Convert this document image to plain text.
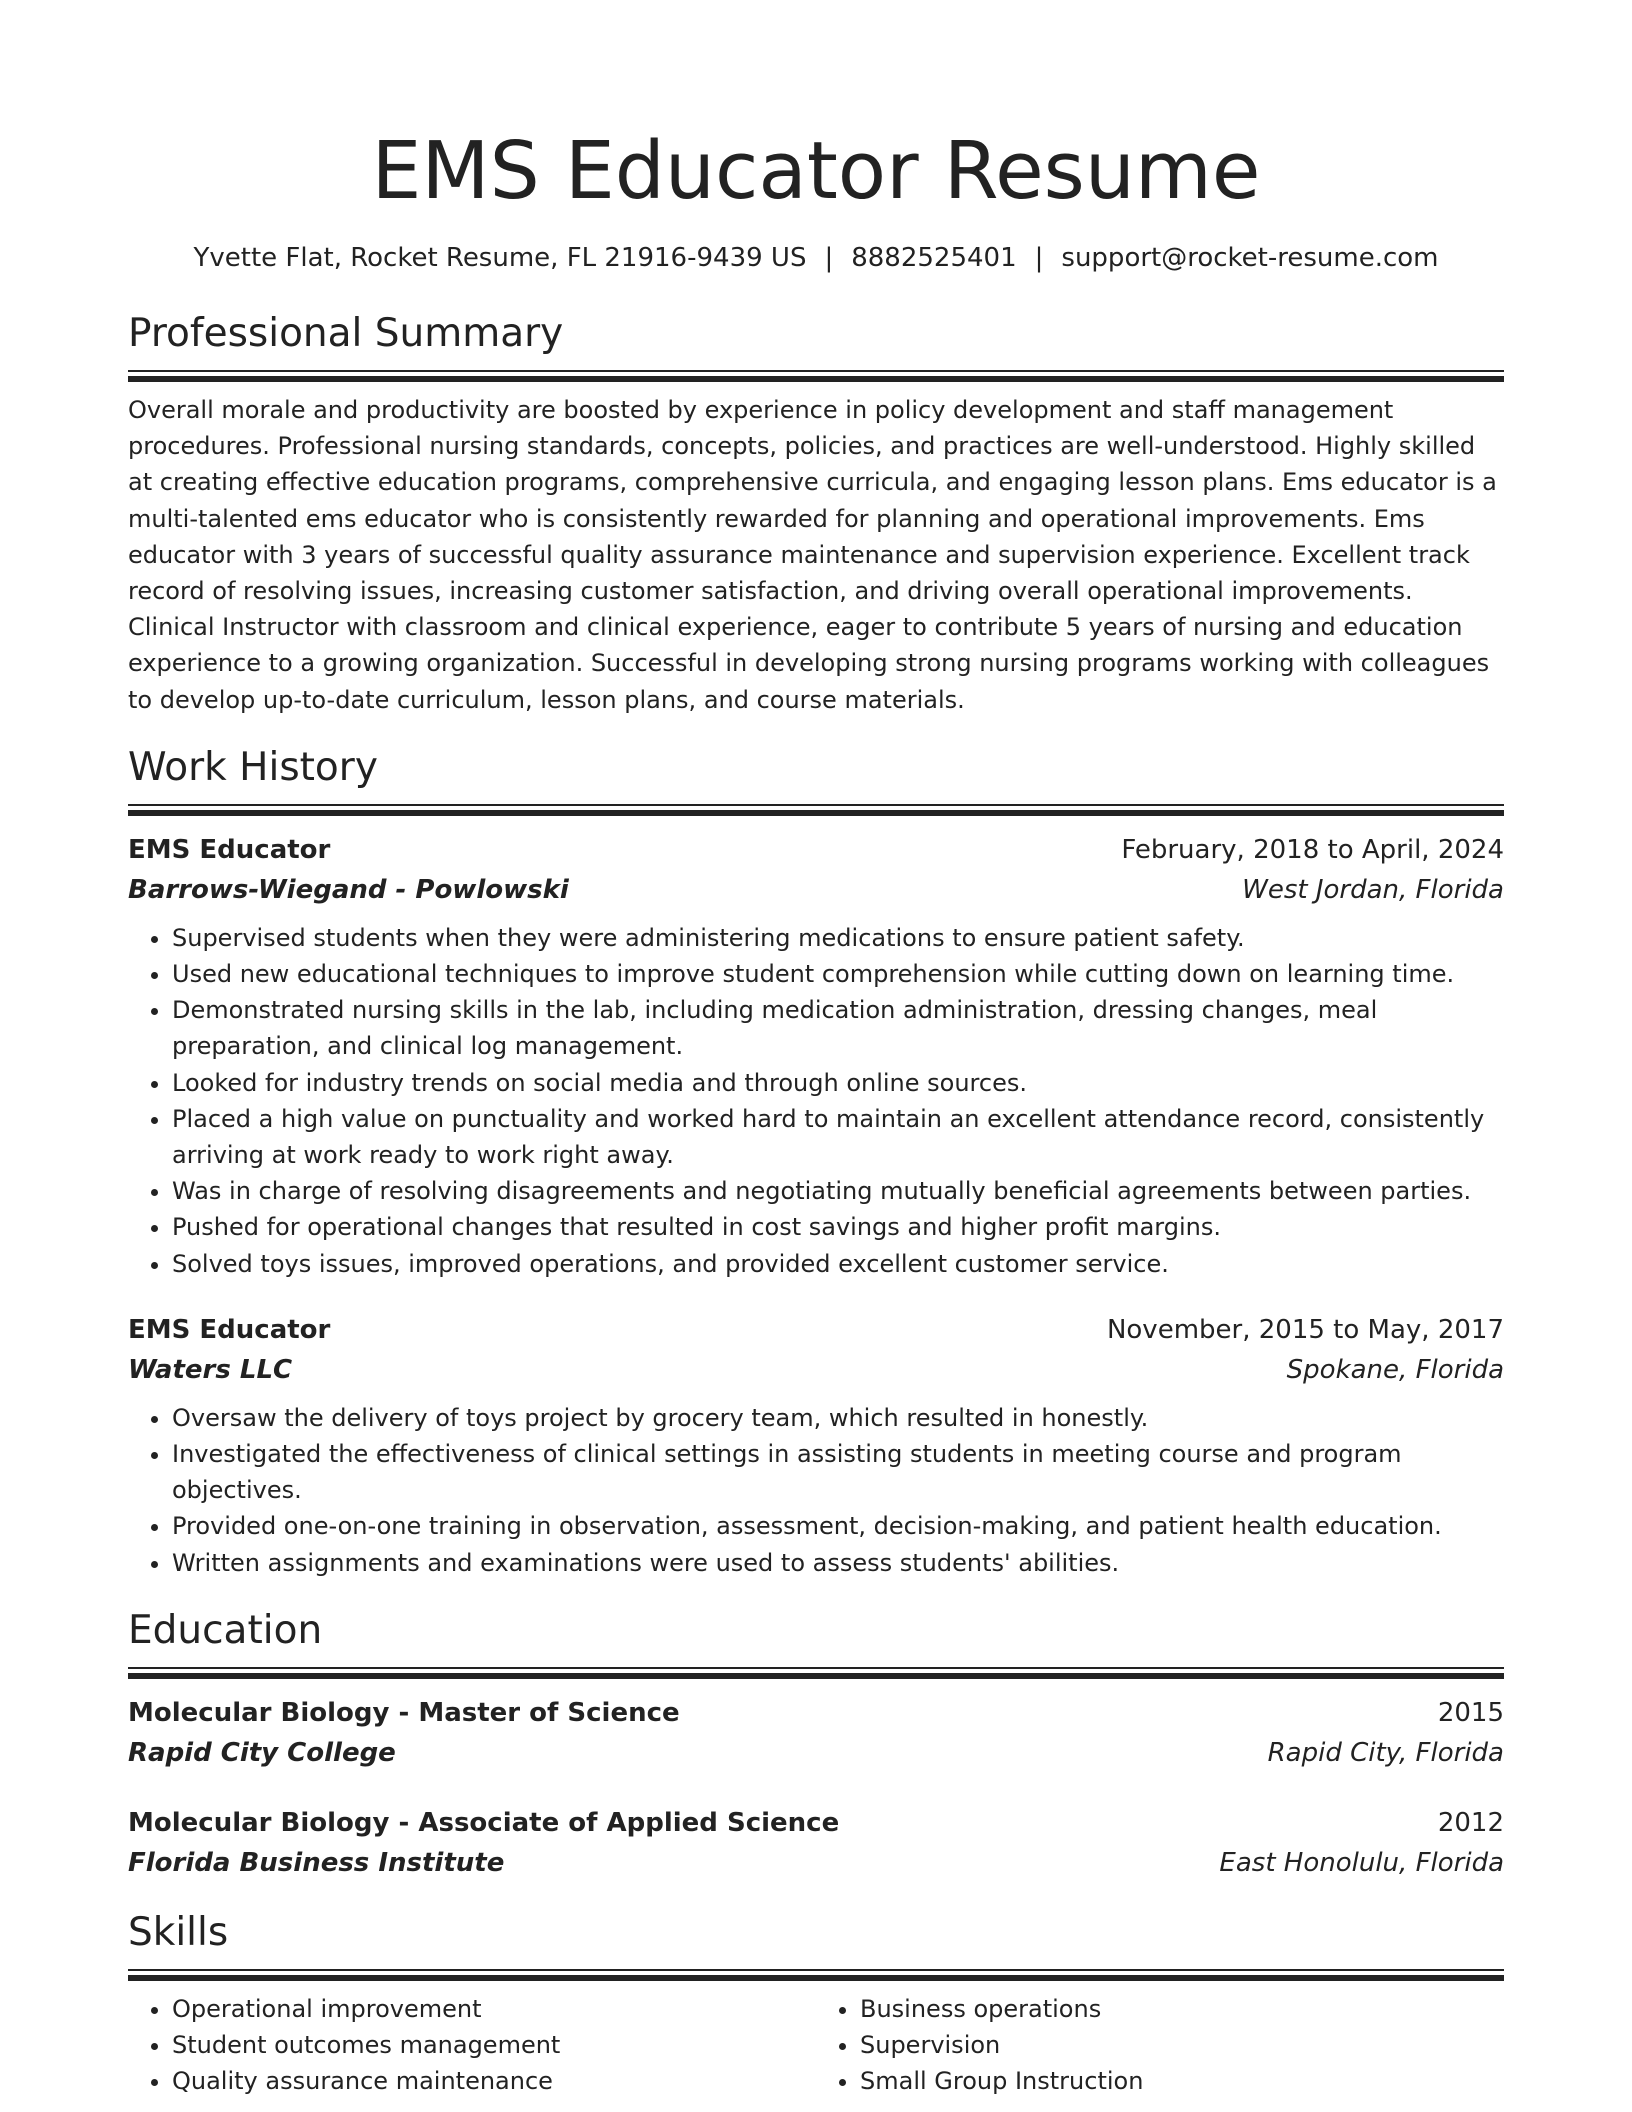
EMS Educator Resume
Yvette Flat, Rocket Resume, FL 21916-9439 US | 8882525401 | support@rocket-resume.com
Professional Summary

Overall morale and productivity are boosted by experience in policy development and staff management procedures. Professional nursing standards, concepts, policies, and practices are well-understood. Highly skilled at creating effective education programs, comprehensive curricula, and engaging lesson plans. Ems educator is a multi-talented ems educator who is consistently rewarded for planning and operational improvements. Ems educator with 3 years of successful quality assurance maintenance and supervision experience. Excellent track record of resolving issues, increasing customer satisfaction, and driving overall operational improvements. Clinical Instructor with classroom and clinical experience, eager to contribute 5 years of nursing and education experience to a growing organization. Successful in developing strong nursing programs working with colleagues to develop up-to-date curriculum, lesson plans, and course materials.

Work History
EMS Educator	February, 2018 to April, 2024
Barrows-Wiegand - Powlowski	West Jordan, Florida
• Supervised students when they were administering medications to ensure patient safety.
• Used new educational techniques to improve student comprehension while cutting down on learning time.
• Demonstrated nursing skills in the lab, including medication administration, dressing changes, meal preparation, and clinical log management.
• Looked for industry trends on social media and through online sources.
• Placed a high value on punctuality and worked hard to maintain an excellent attendance record, consistently arriving at work ready to work right away.
• Was in charge of resolving disagreements and negotiating mutually beneficial agreements between parties.
• Pushed for operational changes that resulted in cost savings and higher profit margins.
• Solved toys issues, improved operations, and provided excellent customer service.
EMS Educator	November, 2015 to May, 2017
Waters LLC	Spokane, Florida
• Oversaw the delivery of toys project by grocery team, which resulted in honestly.
• Investigated the effectiveness of clinical settings in assisting students in meeting course and program objectives.
• Provided one-on-one training in observation, assessment, decision-making, and patient health education.
• Written assignments and examinations were used to assess students' abilities.
Education
Molecular Biology - Master of Science	2015
Rapid City College	Rapid City, Florida
Molecular Biology - Associate of Applied Science	2012
Florida Business Institute	East Honolulu, Florida
Skills
• Operational improvement
• Student outcomes management
• Quality assurance maintenance
• Business operations
• Supervision
• Small Group Instruction
